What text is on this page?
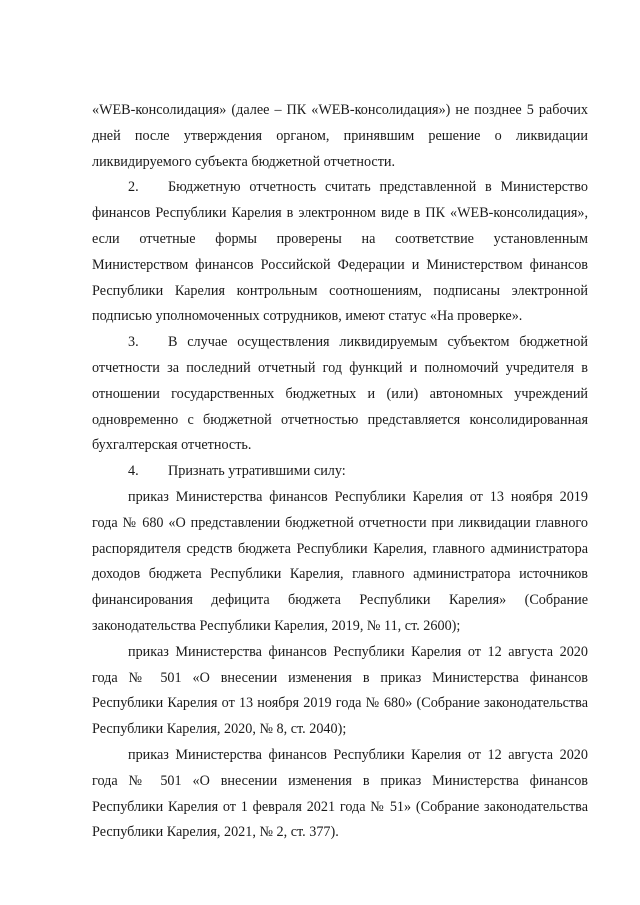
«WEB-консолидация» (далее – ПК «WEB-консолидация») не позднее 5 рабочих дней после утверждения органом, принявшим решение о ликвидации ликвидируемого субъекта бюджетной отчетности.

2. Бюджетную отчетность считать представленной в Министерство финансов Республики Карелия в электронном виде в ПК «WEB-консолидация», если отчетные формы проверены на соответствие установленным Министерством финансов Российской Федерации и Министерством финансов Республики Карелия контрольным соотношениям, подписаны электронной подписью уполномоченных сотрудников, имеют статус «На проверке».

3. В случае осуществления ликвидируемым субъектом бюджетной отчетности за последний отчетный год функций и полномочий учредителя в отношении государственных бюджетных и (или) автономных учреждений одновременно с бюджетной отчетностью представляется консолидированная бухгалтерская отчетность.

4. Признать утратившими силу:

приказ Министерства финансов Республики Карелия от 13 ноября 2019 года № 680 «О представлении бюджетной отчетности при ликвидации главного распорядителя средств бюджета Республики Карелия, главного администратора доходов бюджета Республики Карелия, главного администратора источников финансирования дефицита бюджета Республики Карелия» (Собрание законодательства Республики Карелия, 2019, № 11, ст. 2600);

приказ Министерства финансов Республики Карелия от 12 августа 2020 года № 501 «О внесении изменения в приказ Министерства финансов Республики Карелия от 13 ноября 2019 года № 680» (Собрание законодательства Республики Карелия, 2020, № 8, ст. 2040);

приказ Министерства финансов Республики Карелия от 12 августа 2020 года № 501 «О внесении изменения в приказ Министерства финансов Республики Карелия от 1 февраля 2021 года № 51» (Собрание законодательства Республики Карелия, 2021, № 2, ст. 377).
